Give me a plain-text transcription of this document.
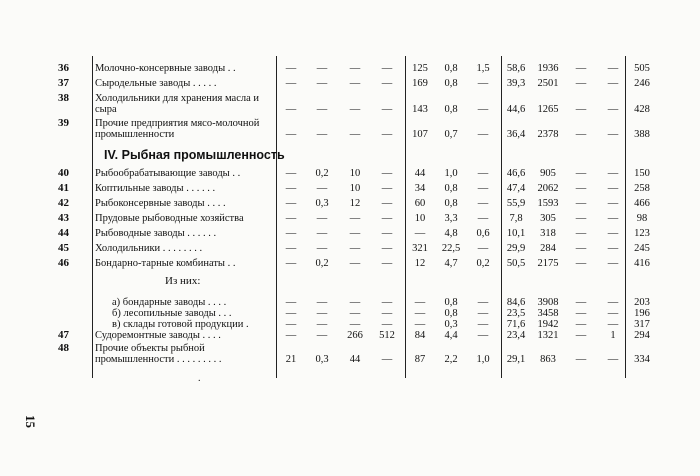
15
IV. Рыбная промышленность
Из них:
.
36	Молочно-консервные заводы . .	—	—	—	—	125	0,8	1,5	58,6	1936	—	—	505
37	Сыродельные заводы . . . . .	—	—	—	—	169	0,8	—	39,3	2501	—	—	246
38	Холодильники для хранения масла и сыра	—	—	—	—	143	0,8	—	44,6	1265	—	—	428
39	Прочие предприятия мясо-молочной промышленности	—	—	—	—	107	0,7	—	36,4	2378	—	—	388
40	Рыбообрабатывающие заводы . .	—	0,2	10	—	44	1,0	—	46,6	905	—	—	150
41	Коптильные заводы . . . . . .	—	—	10	—	34	0,8	—	47,4	2062	—	—	258
42	Рыбоконсервные заводы . . . .	—	0,3	12	—	60	0,8	—	55,9	1593	—	—	466
43	Прудовые рыбоводные хозяйства	—	—	—	—	10	3,3	—	7,8	305	—	—	98
44	Рыбоводные заводы . . . . . .	—	—	—	—	—	4,8	0,6	10,1	318	—	—	123
45	Холодильники . . . . . . . .	—	—	—	—	321	22,5	—	29,9	284	—	—	245
46	Бондарно-тарные комбинаты . .	—	0,2	—	—	12	4,7	0,2	50,5	2175	—	—	416
а) бондарные заводы . . . .	—	—	—	—	—	0,8	—	84,6	3908	—	—	203
б) лесопильные заводы . . .	—	—	—	—	—	0,8	—	23,5	3458	—	—	196
в) склады готовой продукции .	—	—	—	—	—	0,3	—	71,6	1942	—	—	317
47	Судоремонтные заводы . . . .	—	—	266	512	84	4,4	—	23,4	1321	—	1	294
48	Прочие объекты рыбной промышленности . . . . . . . . .	21	0,3	44	—	87	2,2	1,0	29,1	863	—	—	334
